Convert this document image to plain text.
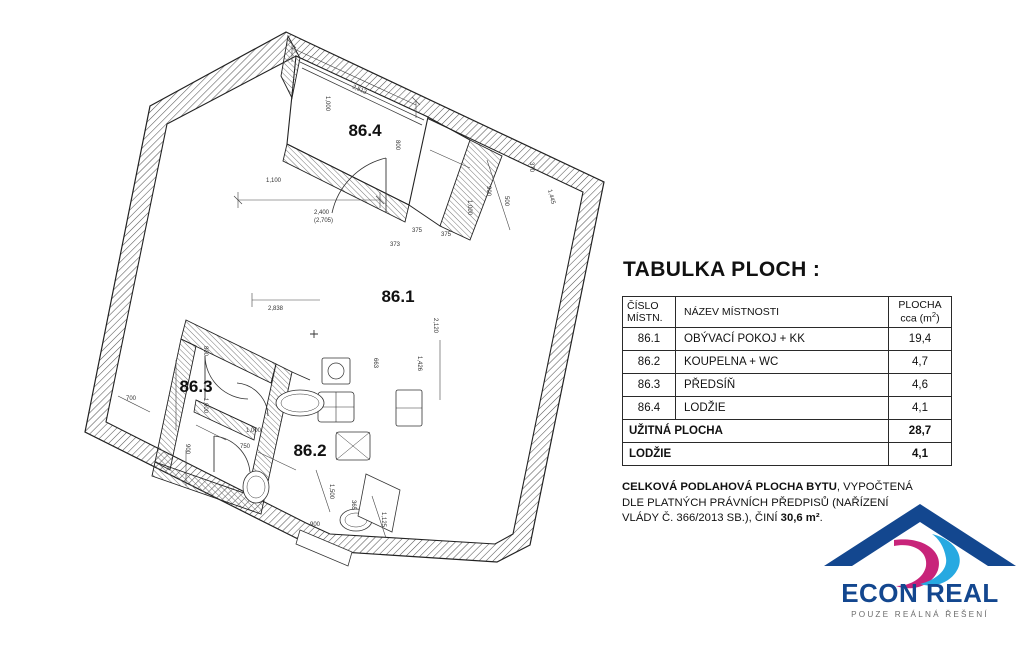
86.4
86.1
86.3
86.2
2,513
1,000
800
2,400
(2,705)
1,100
2,838
373
375
375
1,000
900
500
370
1,445
2,120
1,426
663
800
1,000
700
900	750
1,500
365
1,125
900
1,000
TABULKA PLOCH :
ČÍSLO
MÍSTN.
	NÁZEV MÍSTNOSTI	
PLOCHA
cca $(m^2)$

86.1	OBÝVACÍ POKOJ + KK	19,4
86.2	KOUPELNA + WC	4,7
86.3	PŘEDSÍŇ	4,6
86.4	LODŽIE	4,1
UŽITNÁ PLOCHA		28,7
LODŽIE		4,1
CELKOVÁ PODLAHOVÁ PLOCHA BYTU, VYPOČTENÁ
DLE PLATNÝCH PRÁVNÍCH PŘEDPISŮ (NAŘÍZENÍ
VLÁDY Č. 366/2013 SB.), ČINÍ 30,6 m².
ECON REAL
POUZE REÁLNÁ ŘEŠENÍ
